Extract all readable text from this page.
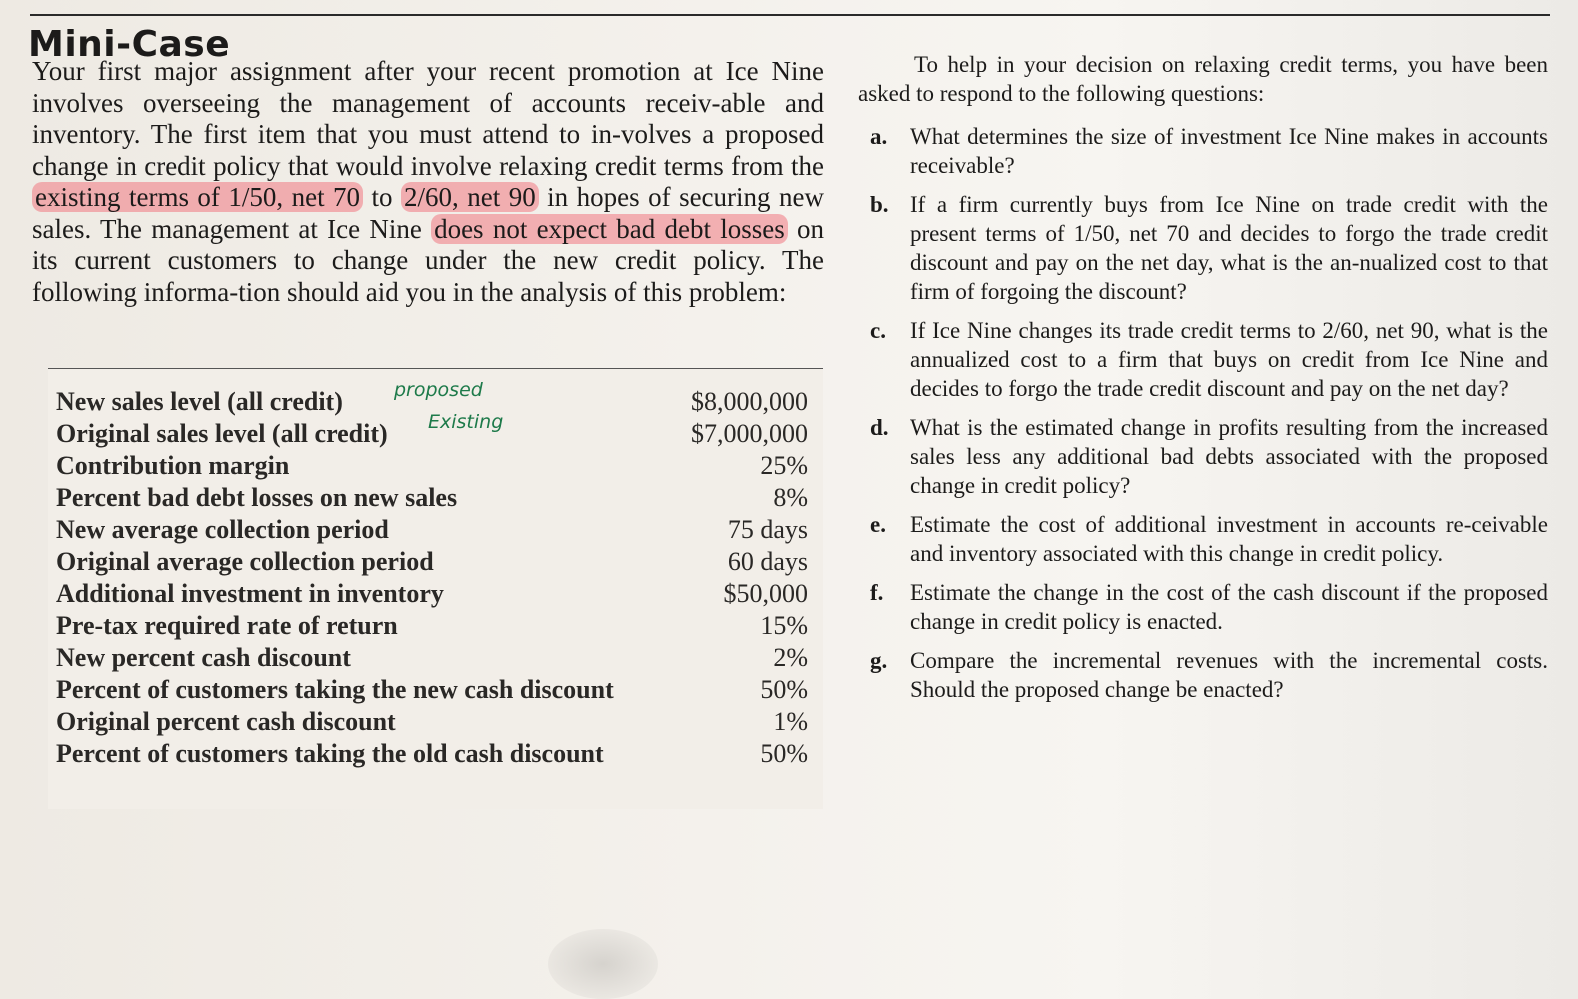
Mini-Case

Your first major assignment after your recent promotion at Ice Nine involves overseeing the management of accounts receiv-able and inventory. The first item that you must attend to in-volves a proposed change in credit policy that would involve relaxing credit terms from the existing terms of 1/50, net 70 to 2/60, net 90 in hopes of securing new sales. The management at Ice Nine does not expect bad debt losses on its current customers to change under the new credit policy. The following informa-tion should aid you in the analysis of this problem:

New sales level (all credit)	proposed	$8,000,000
Original sales level (all credit) Existing	$7,000,000
Contribution margin	25%
Percent bad debt losses on new sales	8%
New average collection period	75 days
Original average collection period	60 days
Additional investment in inventory	$50,000
Pre-tax required rate of return	15%
New percent cash discount	2%
Percent of customers taking the new cash discount	50%
Original percent cash discount	1%
Percent of customers taking the old cash discount	50%

To help in your decision on relaxing credit terms, you have been asked to respond to the following questions:

a. What determines the size of investment Ice Nine makes in accounts receivable?
b. If a firm currently buys from Ice Nine on trade credit with the present terms of 1/50, net 70 and decides to forgo the trade credit discount and pay on the net day, what is the an-nualized cost to that firm of forgoing the discount?
c. If Ice Nine changes its trade credit terms to 2/60, net 90, what is the annualized cost to a firm that buys on credit from Ice Nine and decides to forgo the trade credit discount and pay on the net day?
d. What is the estimated change in profits resulting from the increased sales less any additional bad debts associated with the proposed change in credit policy?
e. Estimate the cost of additional investment in accounts re-ceivable and inventory associated with this change in credit policy.
f. Estimate the change in the cost of the cash discount if the proposed change in credit policy is enacted.
g. Compare the incremental revenues with the incremental costs. Should the proposed change be enacted?
